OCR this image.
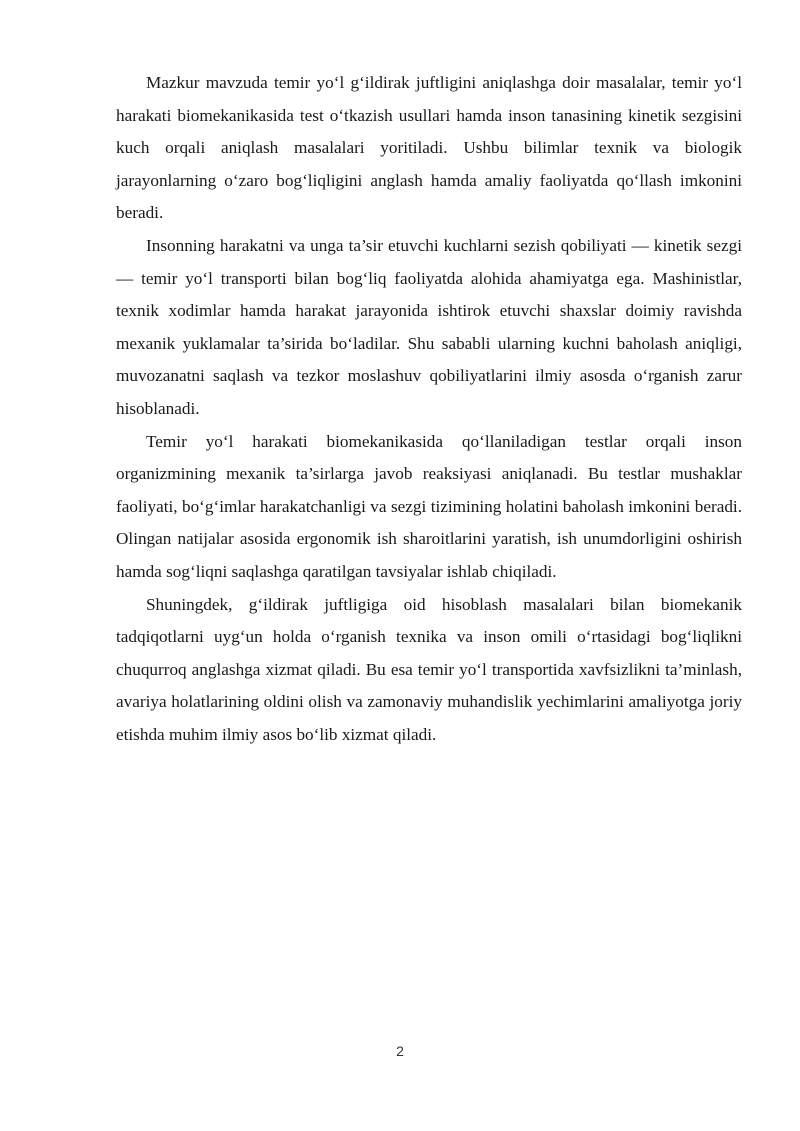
Mazkur mavzuda temir yo‘l g‘ildirak juftligini aniqlashga doir masalalar, temir yo‘l harakati biomekanikasida test o‘tkazish usullari hamda inson tanasining kinetik sezgisini kuch orqali aniqlash masalalari yoritiladi. Ushbu bilimlar texnik va biologik jarayonlarning o‘zaro bog‘liqligini anglash hamda amaliy faoliyatda qo‘llash imkonini beradi.

Insonning harakatni va unga ta’sir etuvchi kuchlarni sezish qobiliyati — kinetik sezgi — temir yo‘l transporti bilan bog‘liq faoliyatda alohida ahamiyatga ega. Mashinistlar, texnik xodimlar hamda harakat jarayonida ishtirok etuvchi shaxslar doimiy ravishda mexanik yuklamalar ta’sirida bo‘ladilar. Shu sababli ularning kuchni baholash aniqligi, muvozanatni saqlash va tezkor moslashuv qobiliyatlarini ilmiy asosda o‘rganish zarur hisoblanadi.

Temir yo‘l harakati biomekanikasida qo‘llaniladigan testlar orqali inson organizmining mexanik ta’sirlarga javob reaksiyasi aniqlanadi. Bu testlar mushaklar faoliyati, bo‘g‘imlar harakatchanligi va sezgi tizimining holatini baholash imkonini beradi. Olingan natijalar asosida ergonomik ish sharoitlarini yaratish, ish unumdorligini oshirish hamda sog‘liqni saqlashga qaratilgan tavsiyalar ishlab chiqiladi.

Shuningdek, g‘ildirak juftligiga oid hisoblash masalalari bilan biomekanik tadqiqotlarni uyg‘un holda o‘rganish texnika va inson omili o‘rtasidagi bog‘liqlikni chuqurroq anglashga xizmat qiladi. Bu esa temir yo‘l transportida xavfsizlikni ta’minlash, avariya holatlarining oldini olish va zamonaviy muhandislik yechimlarini amaliyotga joriy etishda muhim ilmiy asos bo‘lib xizmat qiladi.

2
